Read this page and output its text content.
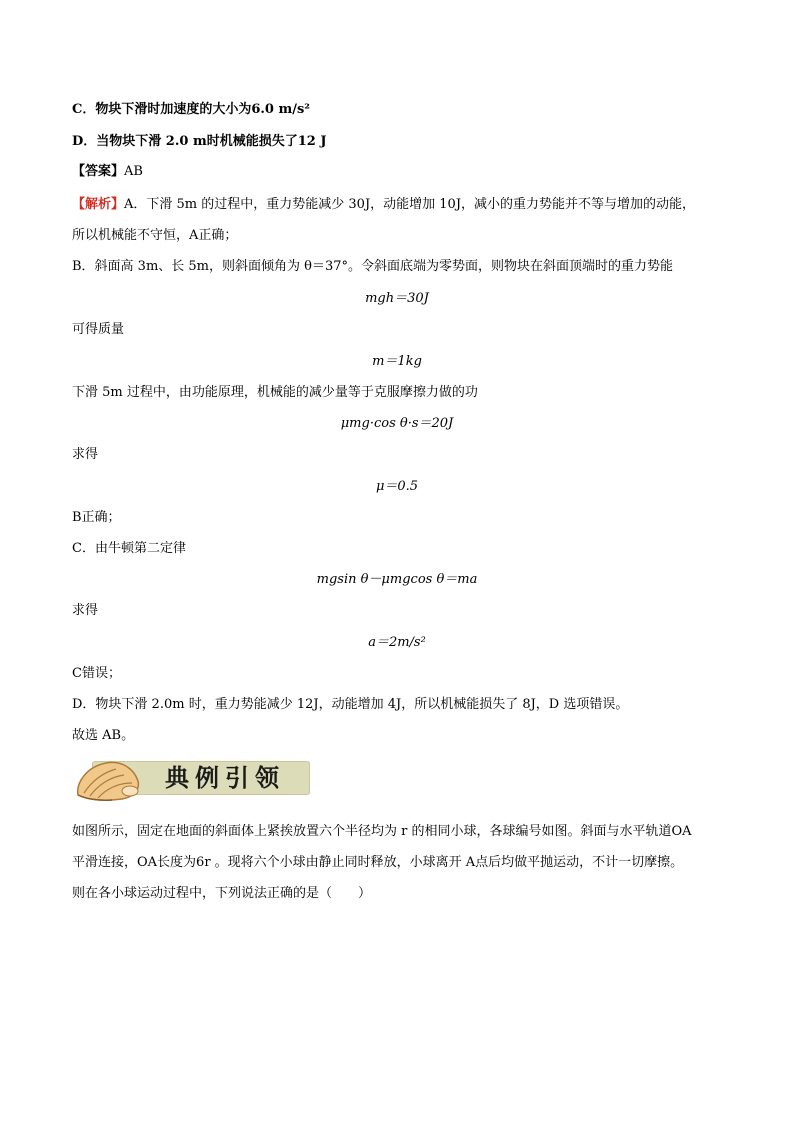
C．物块下滑时加速度的大小为6.0 m/s²
D．当物块下滑 2.0 m时机械能损失了12 J
【答案】AB
【解析】A．下滑 5m 的过程中，重力势能减少 30J，动能增加 10J，减小的重力势能并不等与增加的动能，
所以机械能不守恒，A正确；
B．斜面高 3m、长 5m，则斜面倾角为 θ＝37°。令斜面底端为零势面，则物块在斜面顶端时的重力势能
mgh＝30J
可得质量
m＝1kg
下滑 5m 过程中，由功能原理，机械能的减少量等于克服摩擦力做的功
μmg·cos θ·s＝20J
求得
μ＝0.5
B正确；
C．由牛顿第二定律
mgsin θ－μmgcos θ＝ma
求得
a＝2m/s²
C错误；
D．物块下滑 2.0m 时，重力势能减少 12J，动能增加 4J，所以机械能损失了 8J，D 选项错误。
故选 AB。
典例引领
如图所示，固定在地面的斜面体上紧挨放置六个半径均为 r 的相同小球，各球编号如图。斜面与水平轨道OA
平滑连接，OA长度为6r 。现将六个小球由静止同时释放，小球离开 A点后均做平抛运动，不计一切摩擦。
则在各小球运动过程中，下列说法正确的是（　　）
